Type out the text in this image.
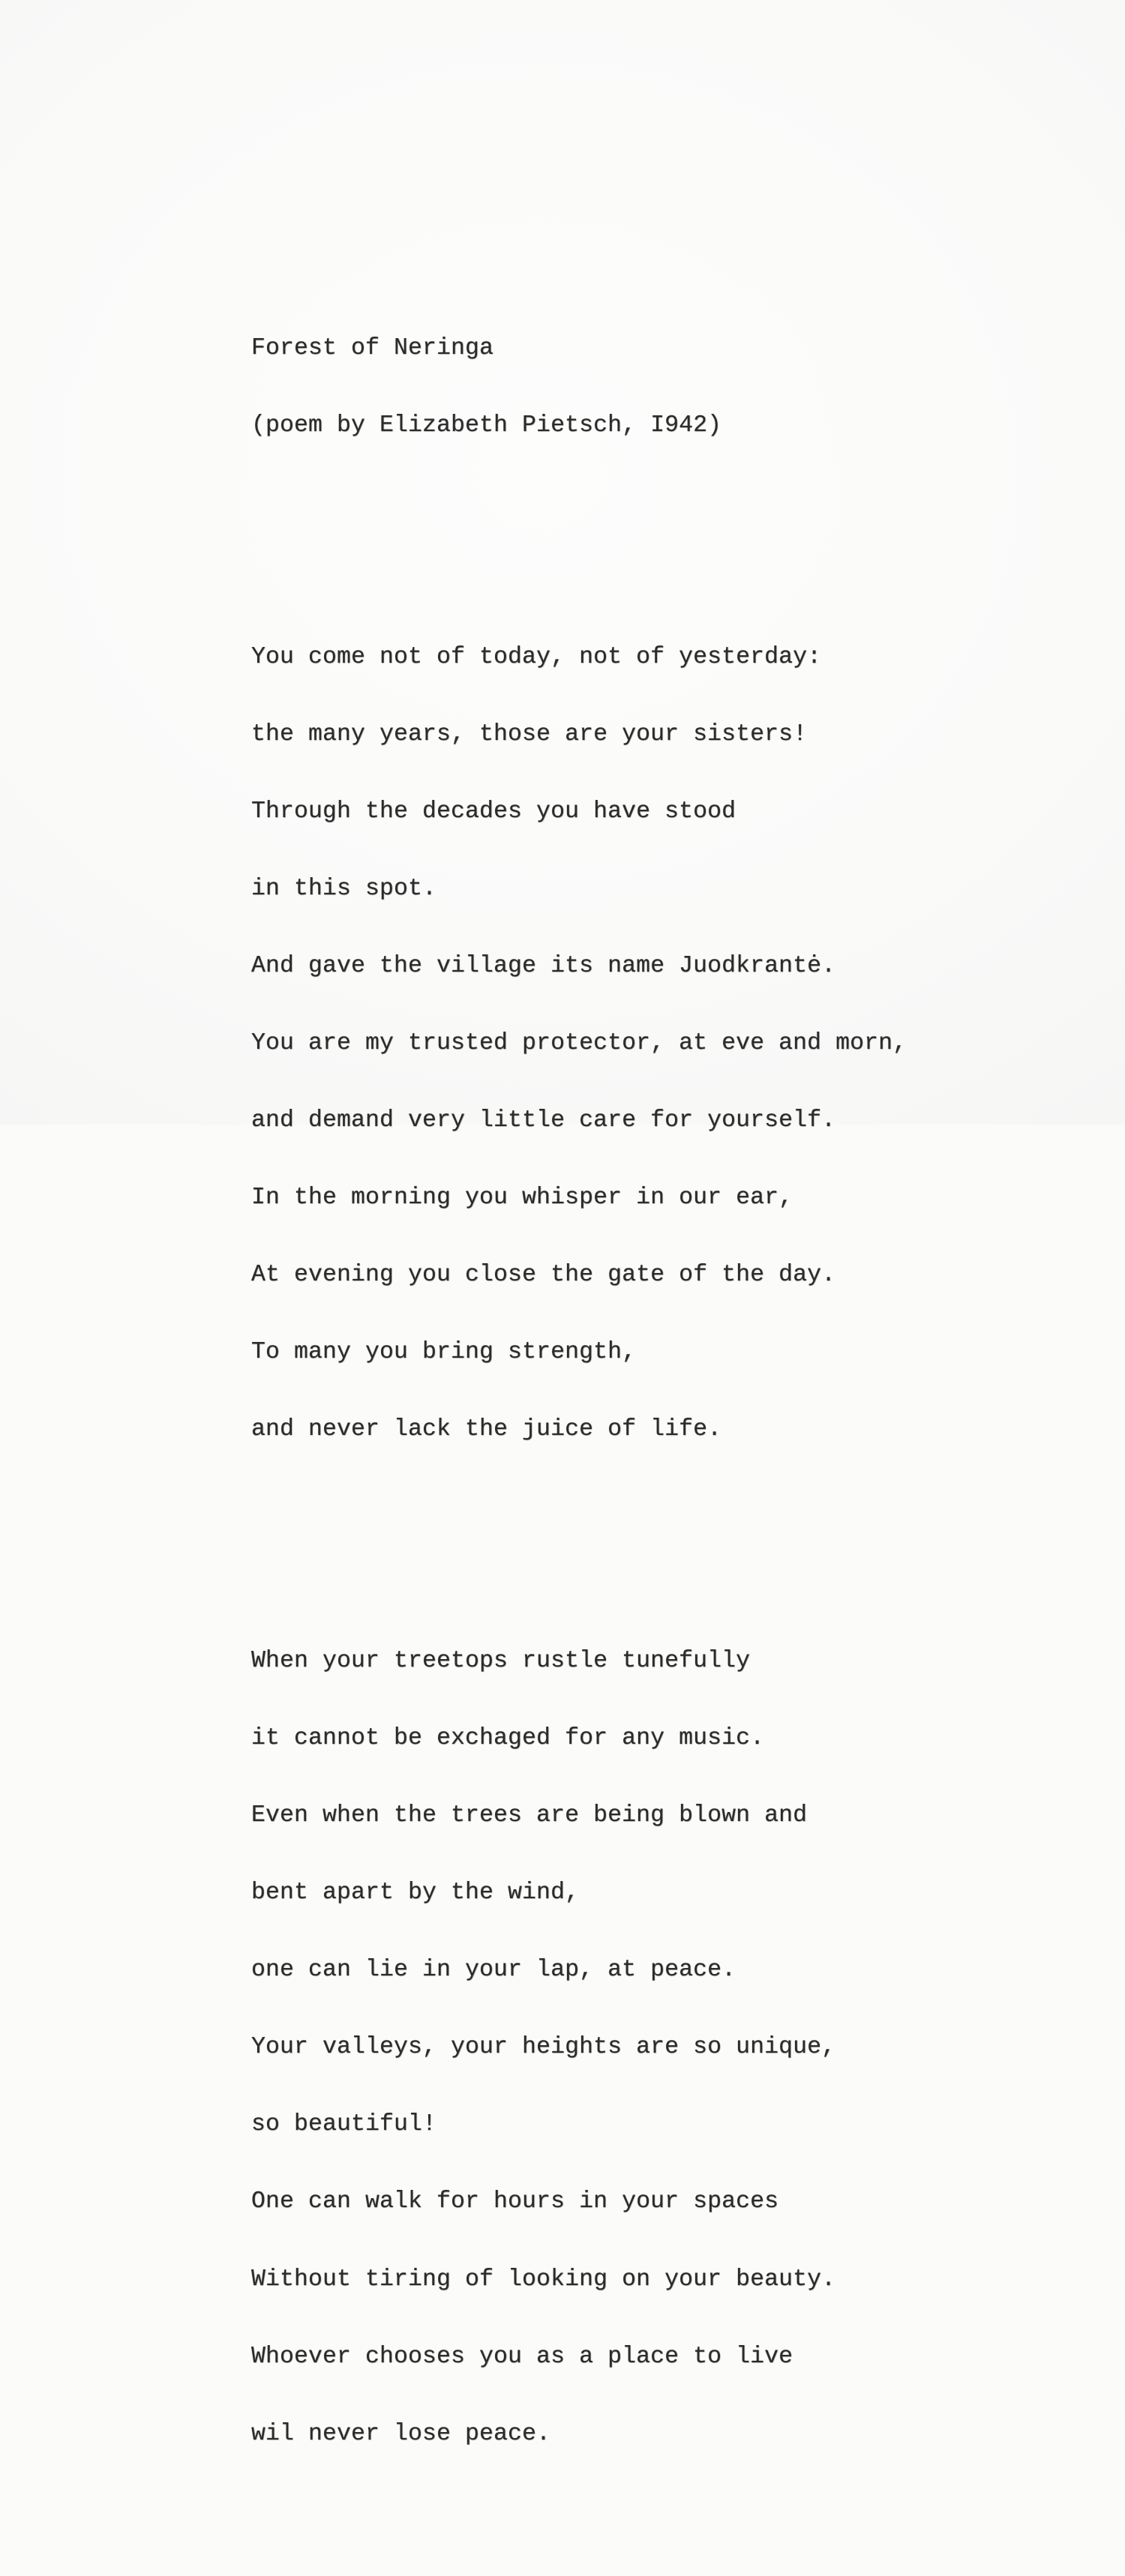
Forest of Neringa

(poem by Elizabeth Pietsch, I942)

You come not of today, not of yesterday:

the many years, those are your sisters!

Through the decades you have stood

in this spot.

And gave the village its name Juodkrantė.

You are my trusted protector, at eve and morn,

and demand very little care for yourself.

In the morning you whisper in our ear,

At evening you close the gate of the day.

To many you bring strength,

and never lack the juice of life.

When your treetops rustle tunefully

it cannot be exchaged for any music.

Even when the trees are being blown and

bent apart by the wind,

one can lie in your lap, at peace.

Your valleys, your heights are so unique,

so beautiful!

One can walk for hours in your spaces

Without tiring of looking on your beauty.

Whoever chooses you as a place to live

wil never lose peace.
